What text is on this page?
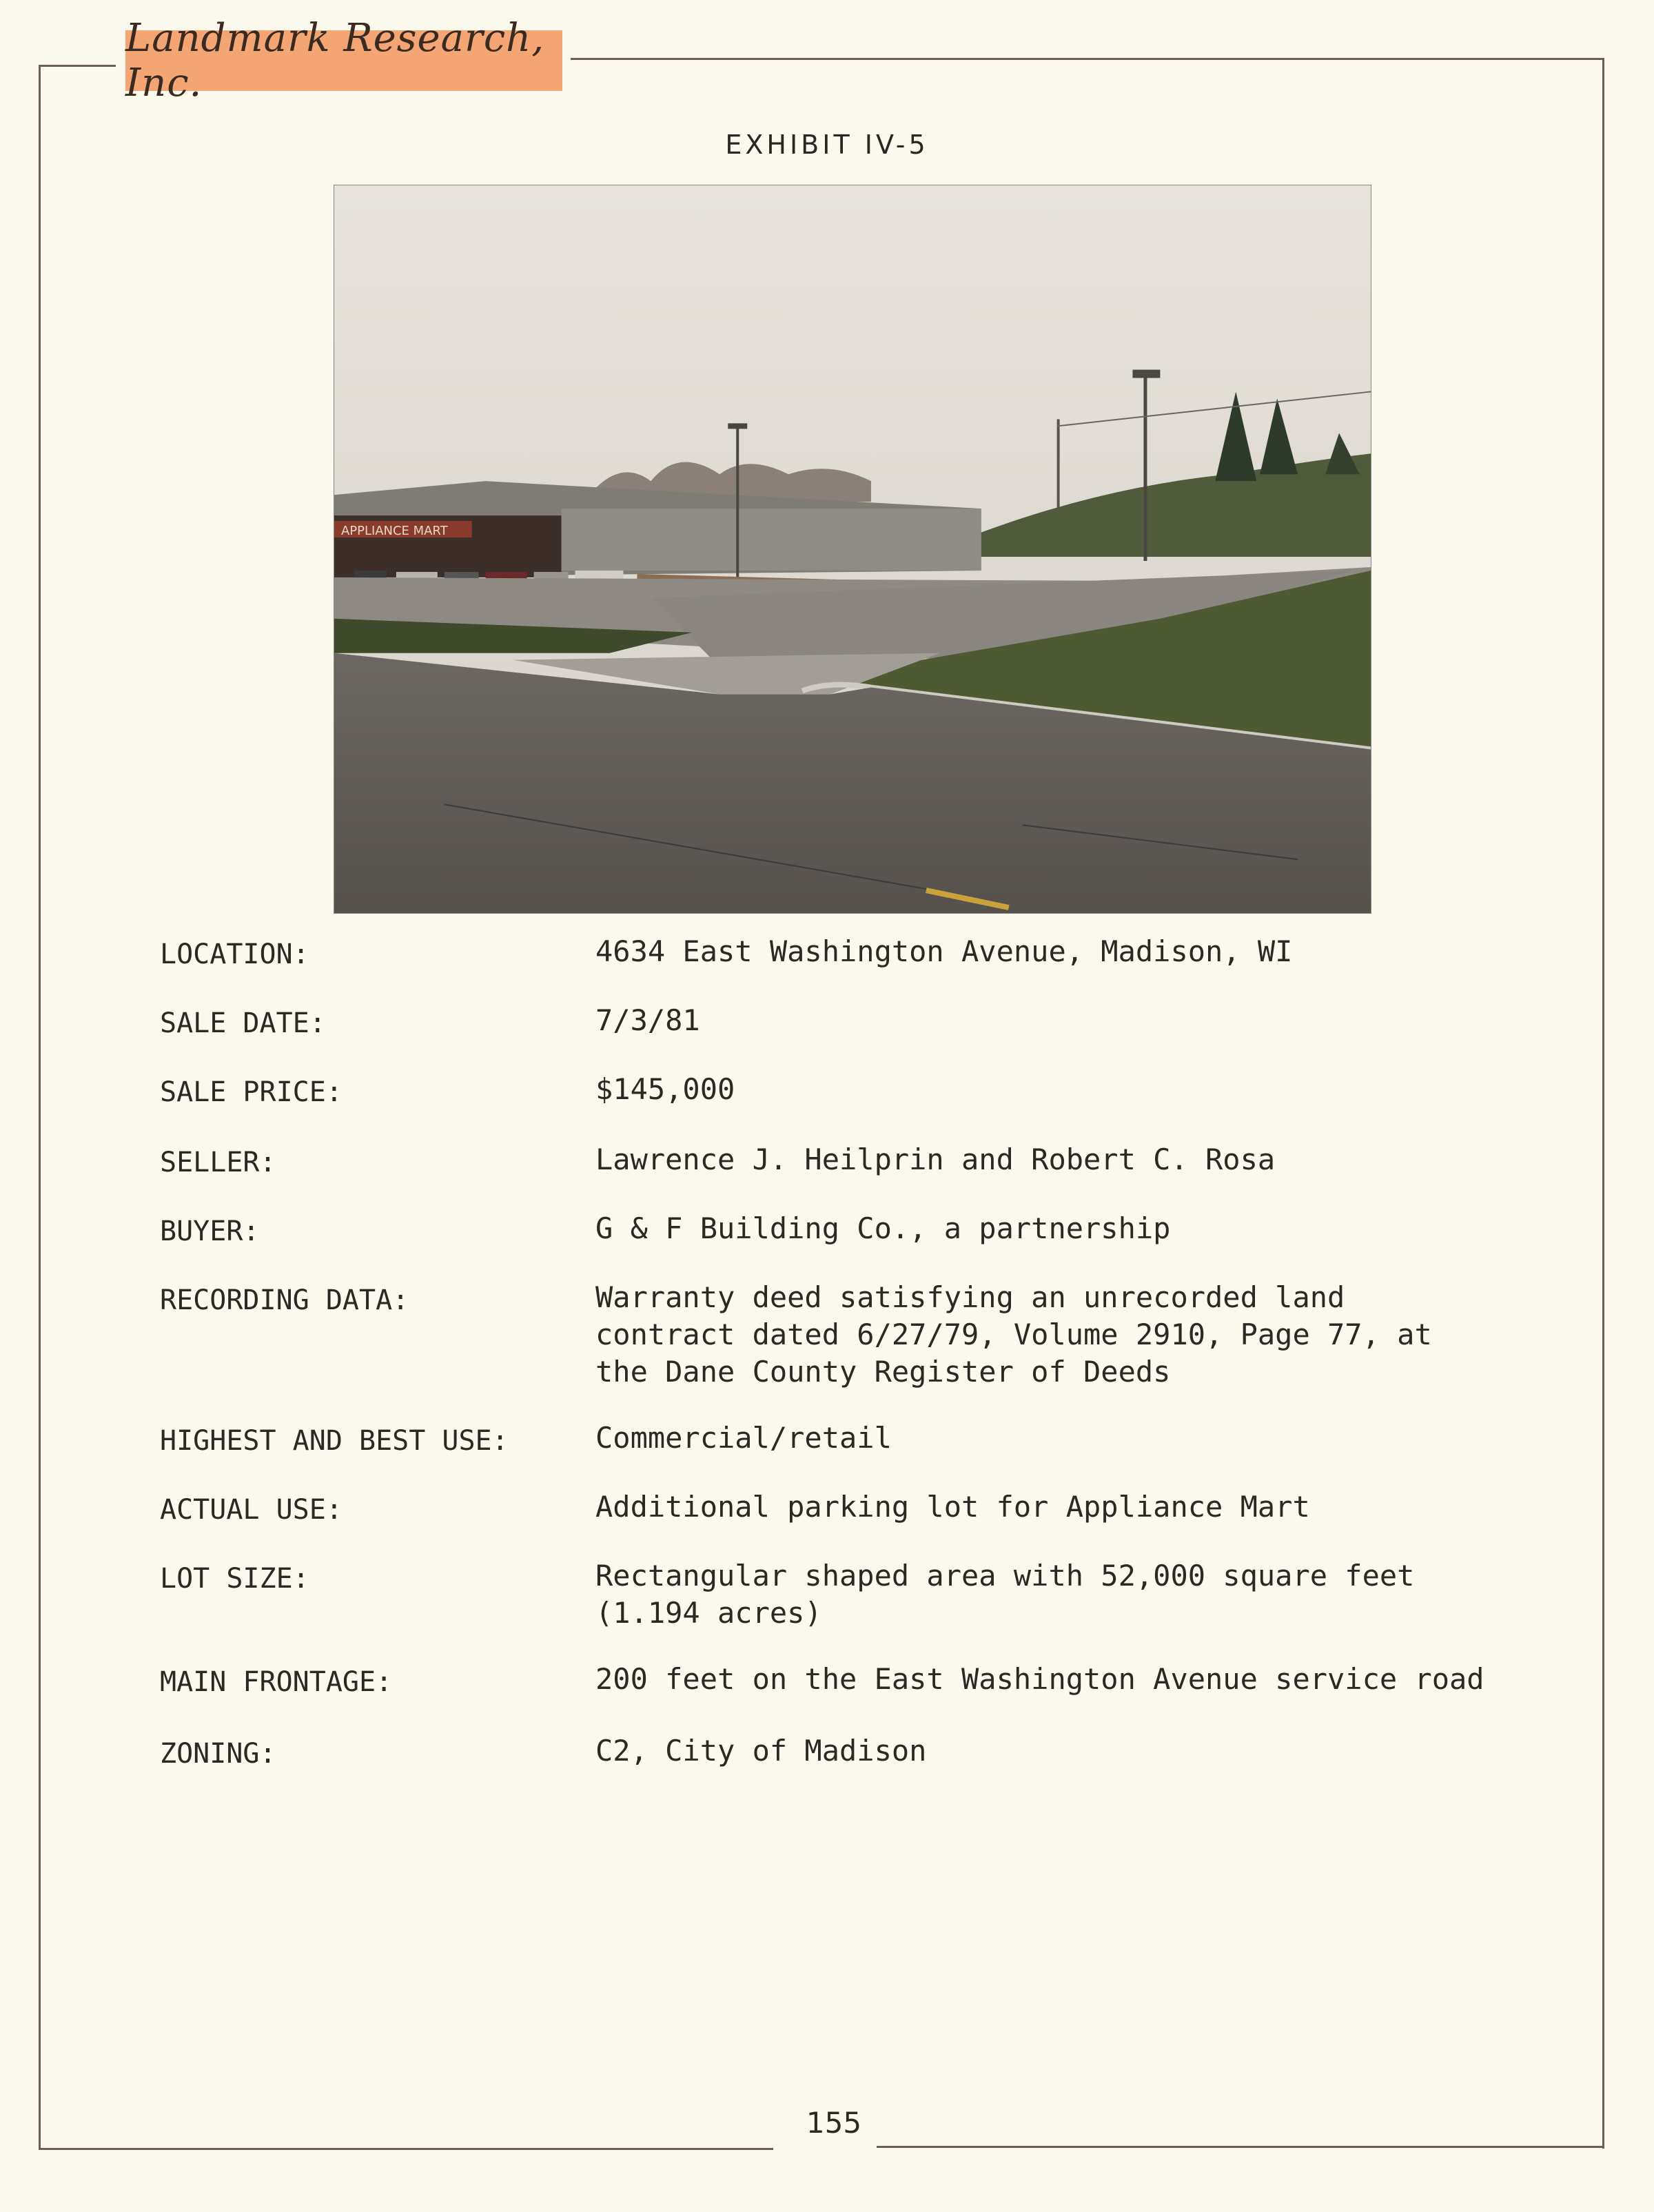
Landmark Research, Inc.
EXHIBIT IV-5
APPLIANCE MART
LOCATION:	4634 East Washington Avenue, Madison, WI
SALE DATE:	7/3/81
SALE PRICE:	$145,000
SELLER:	Lawrence J. Heilprin and Robert C. Rosa
BUYER:	G & F Building Co., a partnership
RECORDING DATA:	Warranty deed satisfying an unrecorded land
contract dated 6/27/79, Volume 2910, Page 77, at
the Dane County Register of Deeds
HIGHEST AND BEST USE:	Commercial/retail
ACTUAL USE:	Additional parking lot for Appliance Mart
LOT SIZE:	Rectangular shaped area with 52,000 square feet
(1.194 acres)
MAIN FRONTAGE:	200 feet on the East Washington Avenue service road
ZONING:	C2, City of Madison
155
